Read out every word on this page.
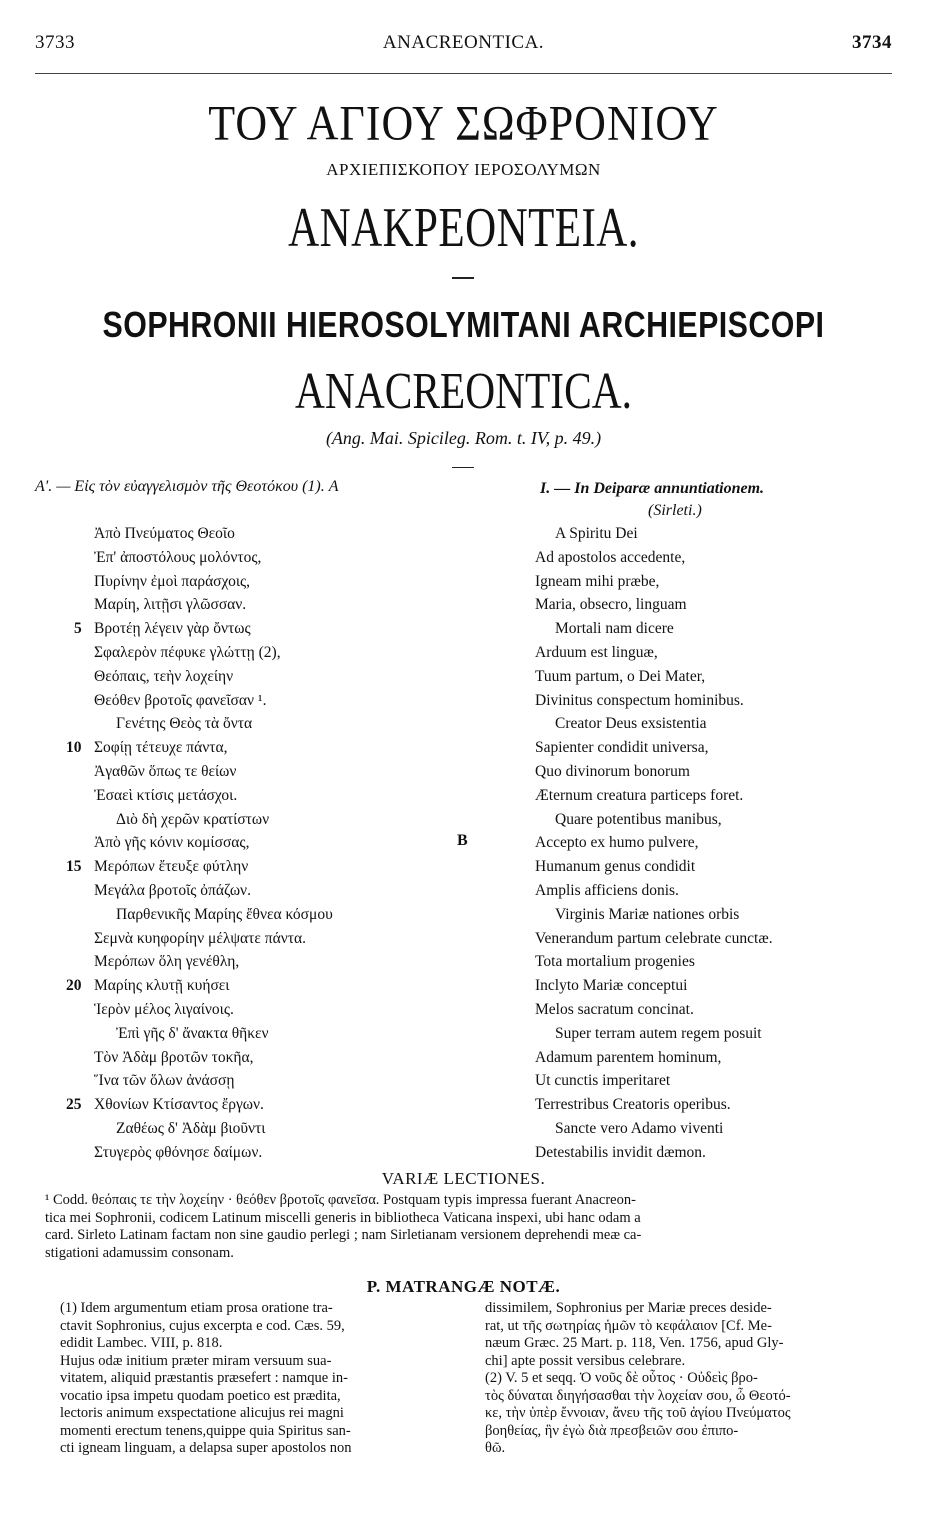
3733	ANACREONTICA.	3734
ΤΟΥ ΑΓΙΟΥ ΣΩΦΡΟΝΙΟΥ
ΑΡΧΙΕΠΙΣΚΟΠΟΥ ΙΕΡΟΣΟΛΥΜΩΝ
ΑΝΑΚΡΕΟΝΤΕΙΑ.
SOPHRONII HIEROSOLYMITANI ARCHIEPISCOPI
ANACREONTICA.
(Ang. Mai. Spicileg. Rom. t. IV, p. 49.)
Α'. — Εἰς τὸν εὐαγγελισμὸν τῆς Θεοτόκου (1). A
Ἀπὸ Πνεύματος Θεοῖο
Ἐπ' ἀποστόλους μολόντος,
Πυρίνην ἐμοὶ παράσχοις,
Μαρίη, λιτῇσι γλῶσσαν.
Βροτέῃ λέγειν γὰρ ὄντως
Σφαλερὸν πέφυκε γλώττῃ (2),
Θεόπαις, τεὴν λοχείην
Θεόθεν βροτοῖς φανεῖσαν ¹.
Γενέτης Θεὸς τὰ ὄντα
Σοφίῃ τέτευχε πάντα,
Ἀγαθῶν ὅπως τε θείων
Ἐσαεὶ κτίσις μετάσχοι.
Διὸ δὴ χερῶν κρατίστων
Ἀπὸ γῆς κόνιν κομίσσας,
Μερόπων ἔτευξε φύτλην
Μεγάλα βροτοῖς ὀπάζων.
Παρθενικῆς Μαρίης ἔθνεα κόσμου
Σεμνὰ κυηφορίην μέλψατε πάντα.
Μερόπων ὅλη γενέθλη,
Μαρίης κλυτῇ κυήσει
Ἱερὸν μέλος λιγαίνοις.
Ἐπὶ γῆς δ' ἄνακτα θῆκεν
Τὸν Ἀδὰμ βροτῶν τοκῆα,
Ἵνα τῶν ὅλων ἀνάσσῃ
Χθονίων Κτίσαντος ἔργων.
Ζαθέως δ' Ἀδὰμ βιοῦντι
Στυγερὸς φθόνησε δαίμων.
5
10
15
20
25
B
I. — In Deiparæ annuntiationem.
(Sirleti.)
A Spiritu Dei
Ad apostolos accedente,
Igneam mihi præbe,
Maria, obsecro, linguam
Mortali nam dicere
Arduum est linguæ,
Tuum partum, o Dei Mater,
Divinitus conspectum hominibus.
Creator Deus exsistentia
Sapienter condidit universa,
Quo divinorum bonorum
Æternum creatura particeps foret.
Quare potentibus manibus,
Accepto ex humo pulvere,
Humanum genus condidit
Amplis afficiens donis.
Virginis Mariæ nationes orbis
Venerandum partum celebrate cunctæ.
Tota mortalium progenies
Inclyto Mariæ conceptui
Melos sacratum concinat.
Super terram autem regem posuit
Adamum parentem hominum,
Ut cunctis imperitaret
Terrestribus Creatoris operibus.
Sancte vero Adamo viventi
Detestabilis invidit dæmon.
VARIÆ LECTIONES.

¹ Codd. θεόπαις τε τὴν λοχείην · θεόθεν βροτοῖς φανεῖσα. Postquam typis impressa fuerant Anacreon-

tica mei Sophronii, codicem Latinum miscelli generis in bibliotheca Vaticana inspexi, ubi hanc odam a

card. Sirleto Latinam factam non sine gaudio perlegi ; nam Sirletianam versionem deprehendi meæ ca-

stigationi adamussim consonam.

P. MATRANGÆ NOTÆ.

(1) Idem argumentum etiam prosa oratione tra-

ctavit Sophronius, cujus excerpta e cod. Cæs. 59,

edidit Lambec. VIII, p. 818.

Hujus odæ initium præter miram versuum sua-

vitatem, aliquid præstantis præsefert : namque in-

vocatio ipsa impetu quodam poetico est prædita,

lectoris animum exspectatione alicujus rei magni

momenti erectum tenens,quippe quia Spiritus san-

cti igneam linguam, a delapsa super apostolos non

dissimilem, Sophronius per Mariæ preces deside-

rat, ut τῆς σωτηρίας ἡμῶν τὸ κεφάλαιον [Cf. Me-

næum Græc. 25 Mart. p. 118, Ven. 1756, apud Gly-

chi] apte possit versibus celebrare.

(2) V. 5 et seqq. Ὁ νοῦς δὲ οὗτος · Οὐδεὶς βρο-

τὸς δύναται διηγήσασθαι τὴν λοχείαν σου, ὦ Θεοτό-

κε, τὴν ὑπὲρ ἔννοιαν, ἄνευ τῆς τοῦ ἁγίου Πνεύματος

βοηθείας, ἣν ἐγὼ διὰ πρεσβειῶν σου ἐπιπο-

θῶ.
